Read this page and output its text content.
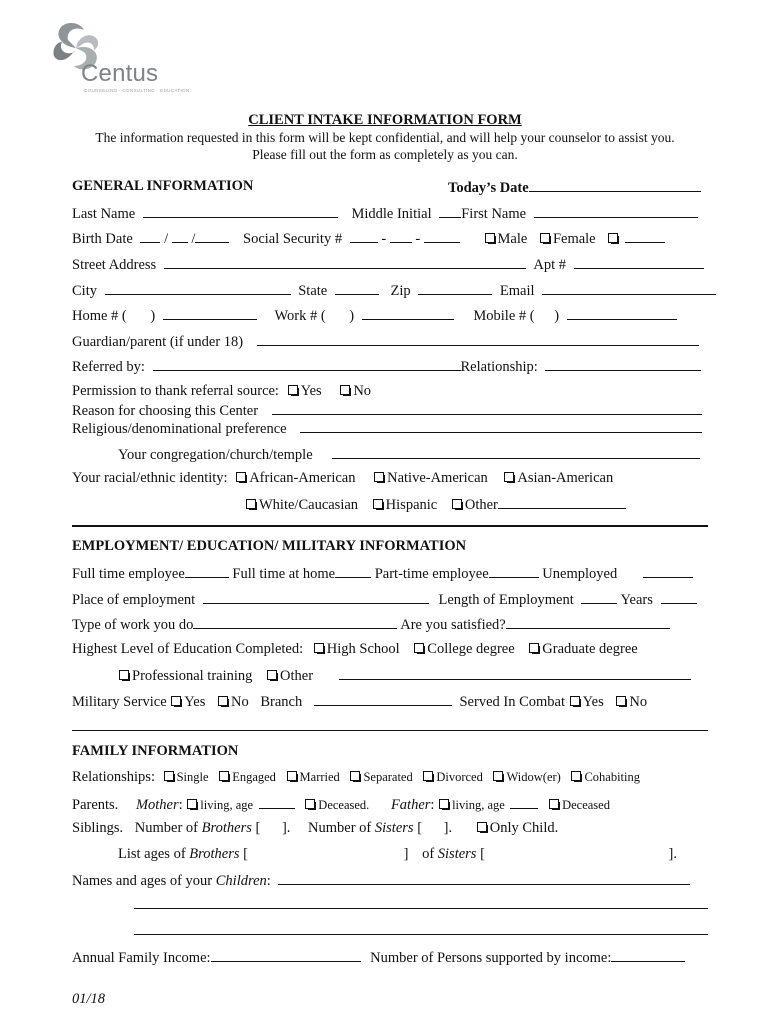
Centus
COUNSELING · CONSULTING · EDUCATION
CLIENT INTAKE INFORMATION FORM
The information requested in this form will be kept confidential, and will help your counselor to assist you.
Please fill out the form as completely as you can.
GENERAL INFORMATION	Today’s Date
Last Name	Middle Initial First Name
Birth Date  /  /	Social Security #  -  -	Male Female
Street Address	Apt #
City	State	Zip	Email
Home # ( )	Work # ( )	Mobile # ( )
Guardian/parent (if under 18)
Referred by:	Relationship:
Permission to thank referral source: Yes No
Reason for choosing this Center
Religious/denominational preference
Your congregation/church/temple
Your racial/ethnic identity: African-American Native-American Asian-American
White/Caucasian Hispanic Other
EMPLOYMENT/ EDUCATION/ MILITARY INFORMATION
Full time employee	Full time at home	Part-time employee	Unemployed
Place of employment	Length of Employment	Years
Type of work you do	Are you satisfied?
Highest Level of Education Completed: High School College degree Graduate degree
Professional training Other
Military Service Yes No Branch	Served In Combat Yes No
FAMILY INFORMATION
Relationships: Single Engaged Married Separated Divorced Widow(er) Cohabiting
Parents. Mother: living, age	Deceased. Father: living, age	Deceased
Siblings. Number of Brothers [ ]. Number of Sisters [ ]. Only Child.
List ages of Brothers [	] of Sisters [	].
Names and ages of your Children:
Annual Family Income:	Number of Persons supported by income:
01/18
